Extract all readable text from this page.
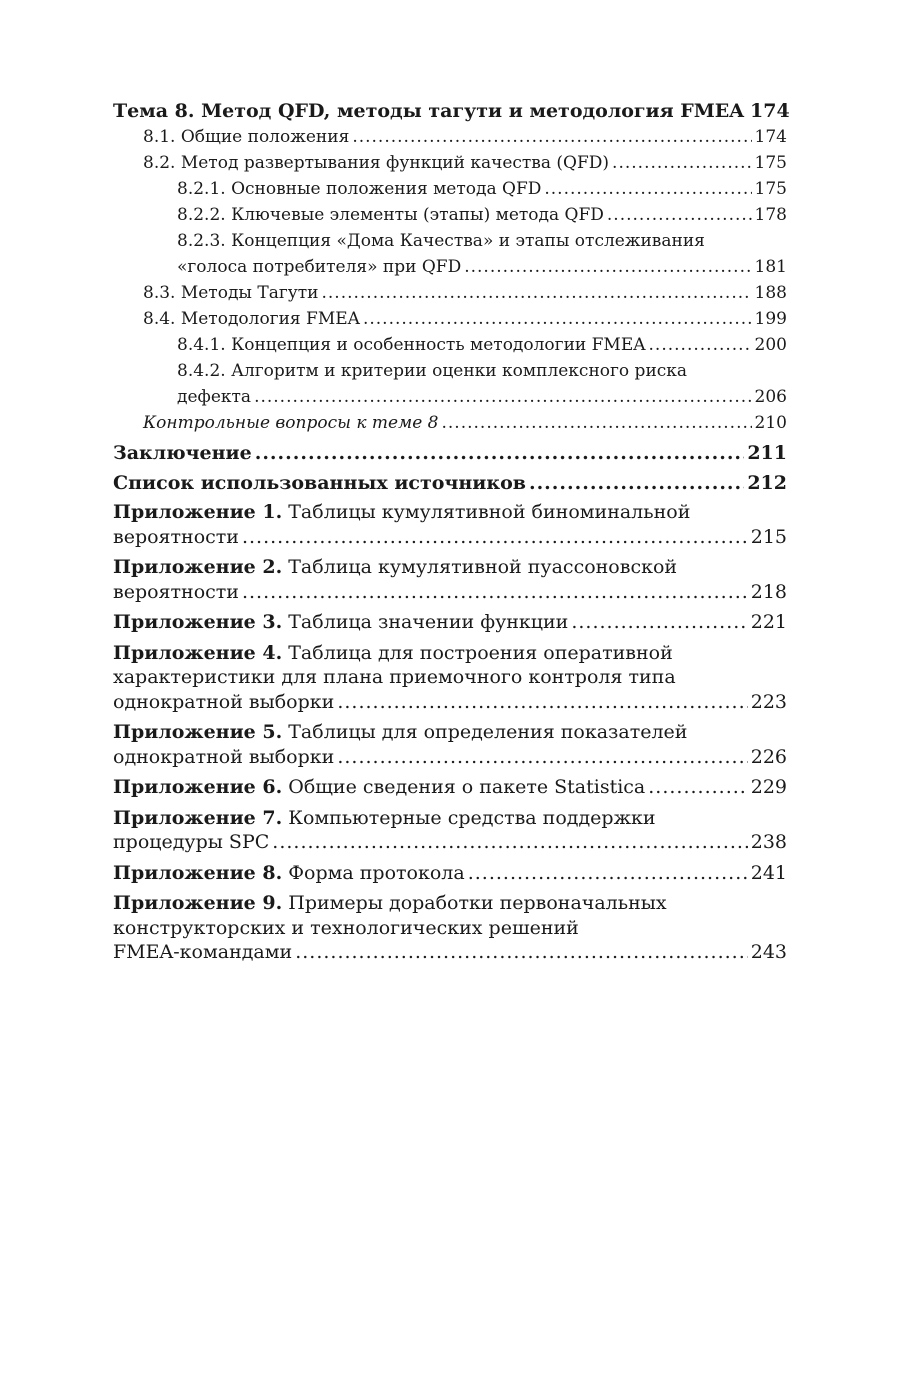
Тема 8. Метод QFD, методы тагути и методология FMEA 174
8.1. Общие положения .....	174
8.2. Метод развертывания функций качества (QFD) .....	175
8.2.1. Основные положения метода QFD .....	175
8.2.2. Ключевые элементы (этапы) метода QFD .....	178
8.2.3. Концепция «Дома Качества» и этапы отслеживания
«голоса потребителя» при QFD .....	181
8.3. Методы Тагути .....	188
8.4. Методология FMEA .....	199
8.4.1. Концепция и особенность методологии FMEA .....	200
8.4.2. Алгоритм и критерии оценки комплексного риска
дефекта .....	206
Контрольные вопросы к теме 8 .....	210
Заключение .....	211
Список использованных источников .....	212
Приложение 1. Таблицы кумулятивной биноминальной
вероятности .....	215
Приложение 2. Таблица кумулятивной пуассоновской
вероятности .....	218
Приложение 3. Таблица значении функции .....	221
Приложение 4. Таблица для построения оперативной
характеристики для плана приемочного контроля типа
однократной выборки .....	223
Приложение 5. Таблицы для определения показателей
однократной выборки .....	226
Приложение 6. Общие сведения о пакете Statistica .....	229
Приложение 7. Компьютерные средства поддержки
процедуры SPC .....	238
Приложение 8. Форма протокола .....	241
Приложение 9. Примеры доработки первоначальных
конструкторских и технологических решений
FMEA-командами .....	243
